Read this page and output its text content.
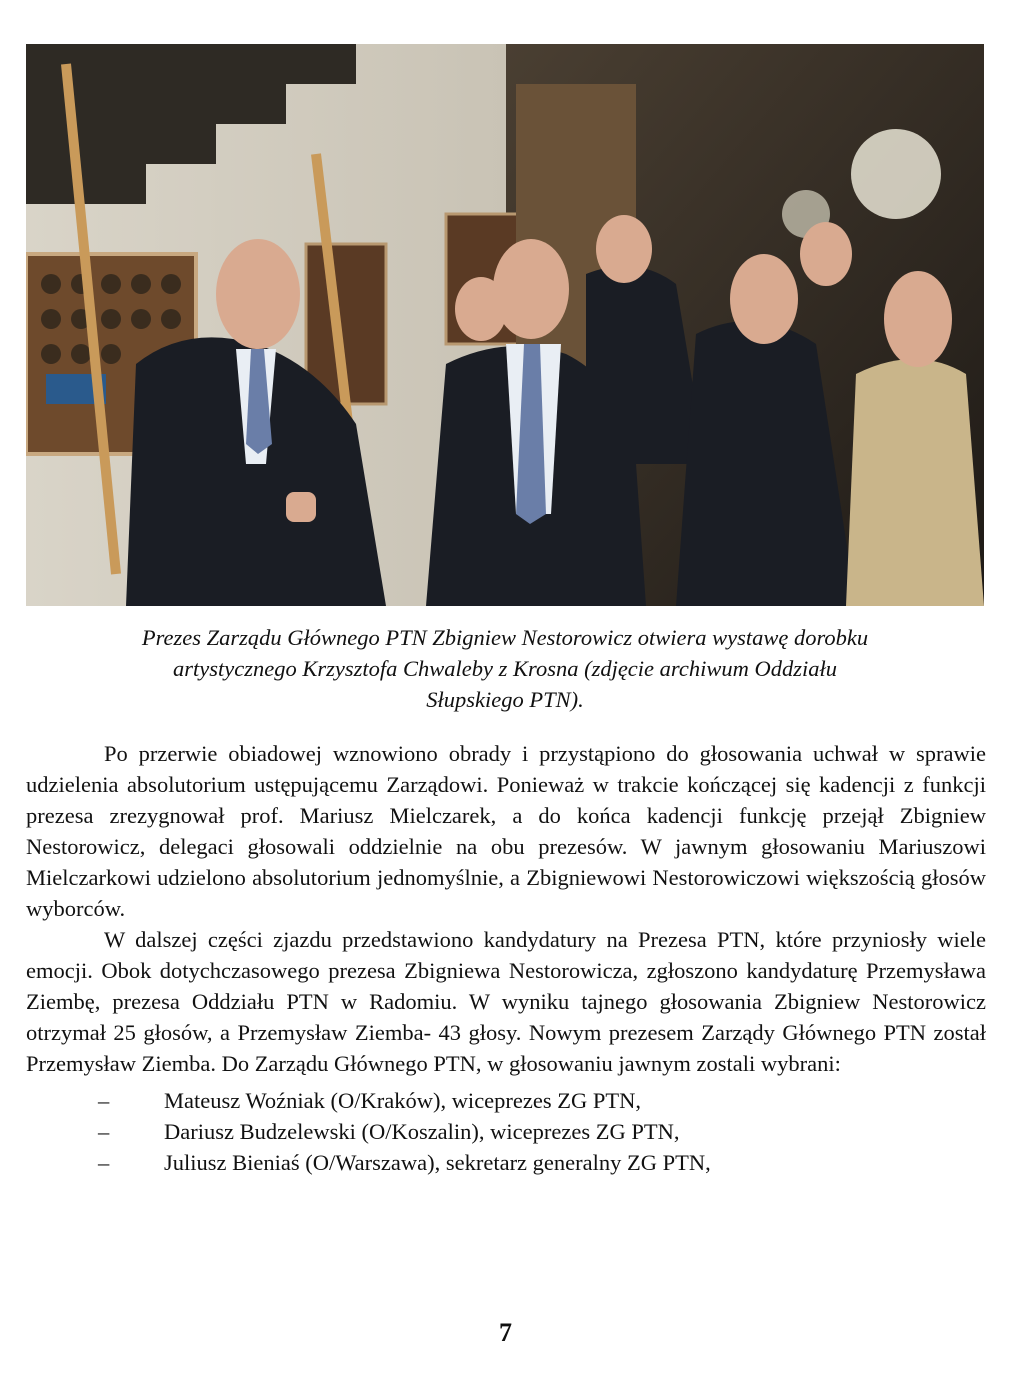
Prezes Zarządu Głównego PTN Zbigniew Nestorowicz otwiera wystawę dorobku
artystycznego Krzysztofa Chwaleby z Krosna (zdjęcie archiwum Oddziału
Słupskiego PTN).

Po przerwie obiadowej wznowiono obrady i przystąpiono do głosowania uchwał w sprawie udzielenia absolutorium ustępującemu Zarządowi. Ponieważ w trakcie kończącej się kadencji z funkcji prezesa zrezygnował prof. Mariusz Mielczarek, a do końca kadencji funkcję przejął Zbigniew Nestorowicz, delegaci głosowali oddzielnie na obu prezesów. W jawnym głosowaniu Mariuszowi Mielczarkowi udzielono absolutorium jednomyślnie, a Zbigniewowi Nestorowiczowi większością głosów wyborców.

W dalszej części zjazdu przedstawiono kandydatury na Prezesa PTN, które przyniosły wiele emocji. Obok dotychczasowego prezesa Zbigniewa Nestorowicza, zgłoszono kandydaturę Przemysława Ziembę, prezesa Oddziału PTN w Radomiu. W wyniku tajnego głosowania Zbigniew Nestorowicz otrzymał 25 głosów, a Przemysław Ziemba- 43 głosy. Nowym prezesem Zarządy Głównego PTN został Przemysław Ziemba. Do Zarządu Głównego PTN, w głosowaniu jawnym zostali wybrani:

– Mateusz Woźniak (O/Kraków), wiceprezes ZG PTN,
– Dariusz Budzelewski (O/Koszalin), wiceprezes ZG PTN,
– Juliusz Bieniaś (O/Warszawa), sekretarz generalny ZG PTN,
7
